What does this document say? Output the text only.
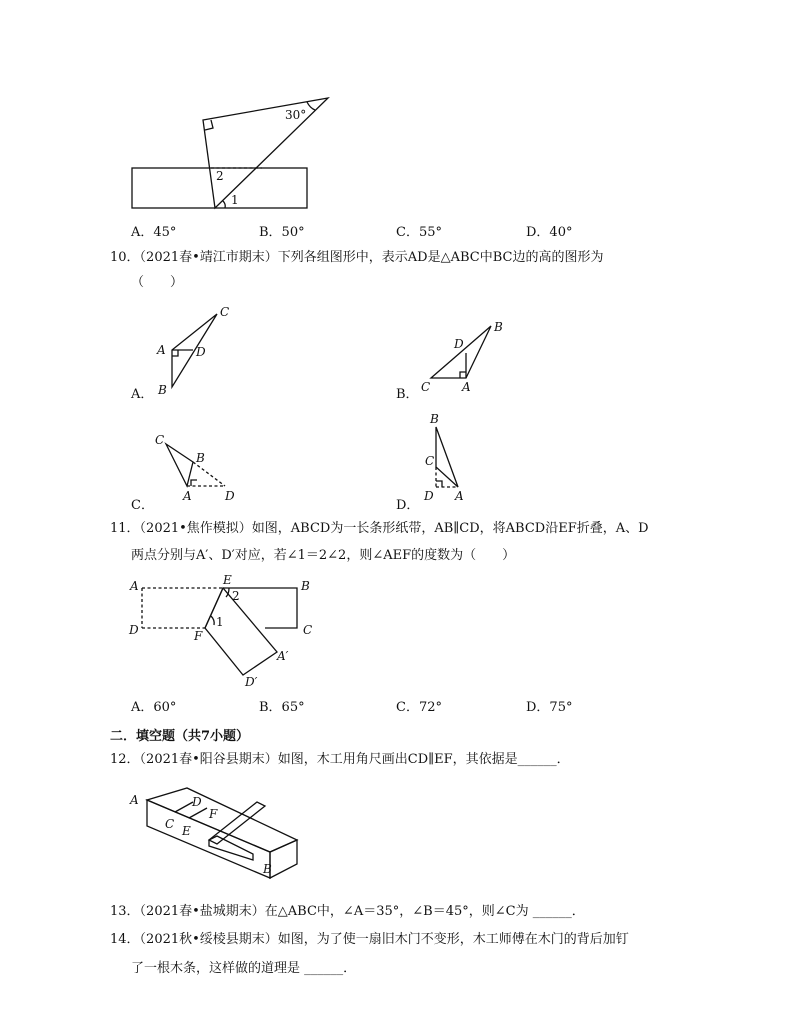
30°
2
1
A．45°	B．50°	C．55°	D．40°
10．（2021春•靖江市期末）下列各组图形中，表示AD是△ABC中BC边的高的图形为
（　　）
A．
A	D
C
B	B． C	A
D
B
C．
C
B
A	D
D．
B
C
D A
11．（2021•焦作模拟）如图，ABCD为一长条形纸带，AB∥CD，将ABCD沿EF折叠，A、D
两点分别与A′、D′对应，若∠1＝2∠2，则∠AEF的度数为（　　）
A	B
C
D
E
F
A′
D′
1
2
A．60°	B．65°	C．72°	D．75°
二．填空题（共7小题）
12．（2021春•阳谷县期末）如图，木工用角尺画出CD∥EF，其依据是______．
A	D
C
F
E
B
13．（2021春•盐城期末）在△ABC中，∠A＝35°，∠B＝45°，则∠C为 ______．
14．（2021秋•绥棱县期末）如图，为了使一扇旧木门不变形，木工师傅在木门的背后加钉
了一根木条，这样做的道理是 ______．
